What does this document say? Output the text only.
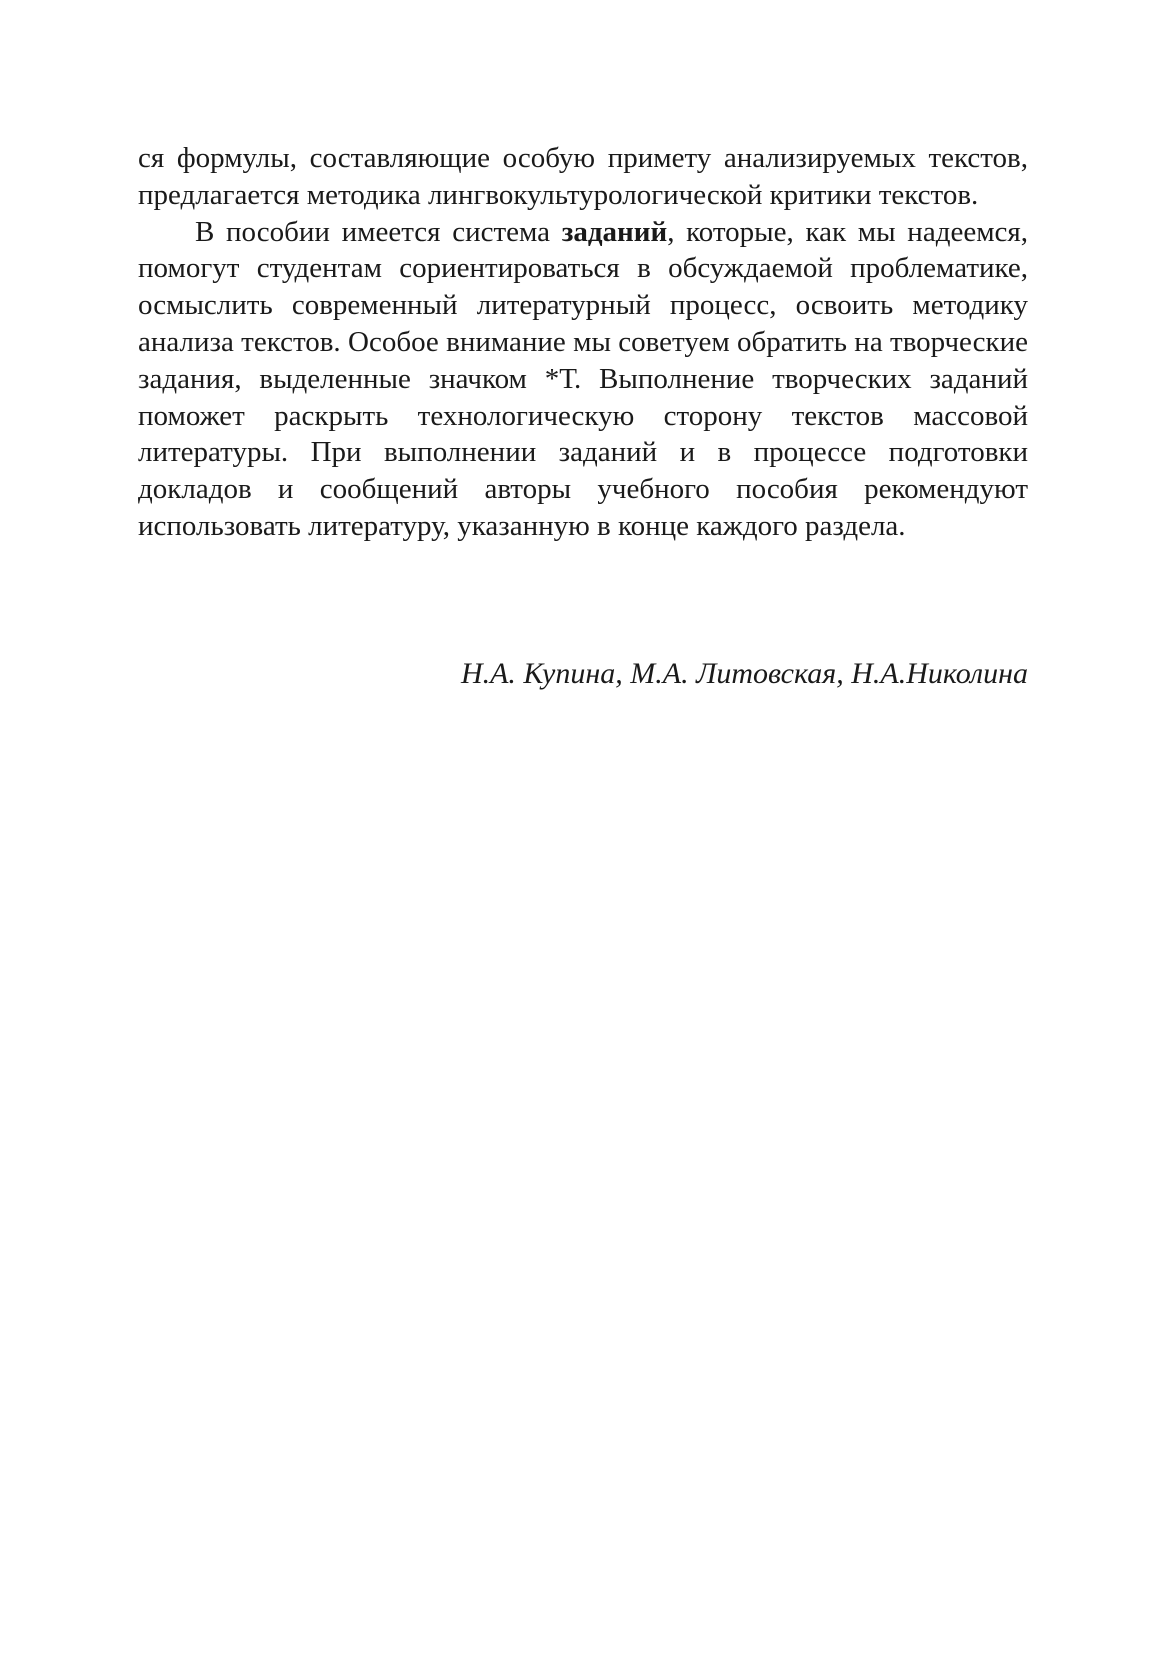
ся формулы, составляющие особую примету анализируемых текстов, предлагается методика лингвокультурологической критики текстов.

В пособии имеется система заданий, которые, как мы надеемся, помогут студентам сориентироваться в обсуждаемой проблематике, осмыслить современный литературный процесс, освоить методику анализа текстов. Особое внимание мы советуем обратить на творческие задания, выделенные значком *Т. Выполнение творческих заданий поможет раскрыть технологическую сторону текстов массовой литературы. При выполнении заданий и в процессе подготовки докладов и сообщений авторы учебного пособия рекомендуют использовать литературу, указанную в конце каждого раздела.

Н.А. Купина, М.А. Литовская, Н.А.Николина
